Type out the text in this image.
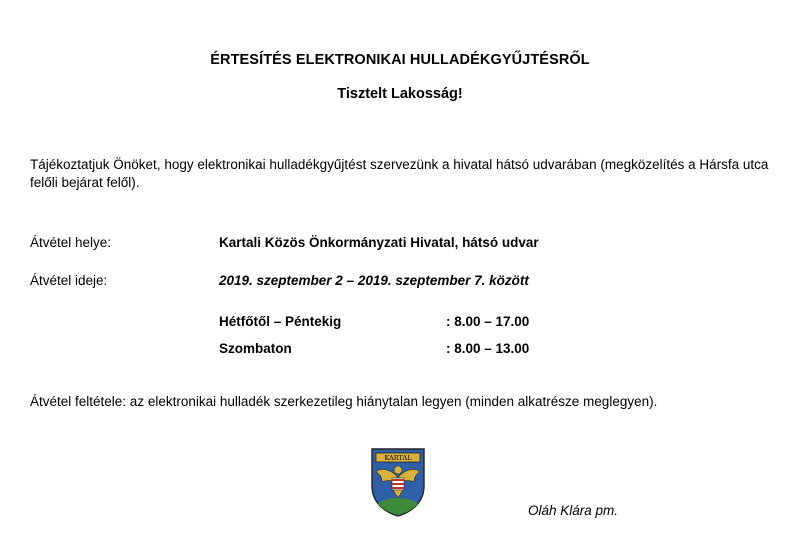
ÉRTESÍTÉS ELEKTRONIKAI HULLADÉKGYŰJTÉSRŐL
Tisztelt Lakosság!
Tájékoztatjuk Önöket, hogy elektronikai hulladékgyűjtést szervezünk a hivatal hátsó udvarában (megközelítés a Hársfa utca felőli bejárat felől).
Átvétel helye:	Kartali Közös Önkormányzati Hivatal, hátsó udvar
Átvétel ideje:	2019. szeptember 2 – 2019. szeptember 7. között
Hétfőtől – Péntekig	: 8.00 – 17.00
Szombaton	: 8.00 – 13.00
Átvétel feltétele: az elektronikai hulladék szerkezetileg hiánytalan legyen (minden alkatrésze meglegyen).
KARTAL
Oláh Klára pm.
